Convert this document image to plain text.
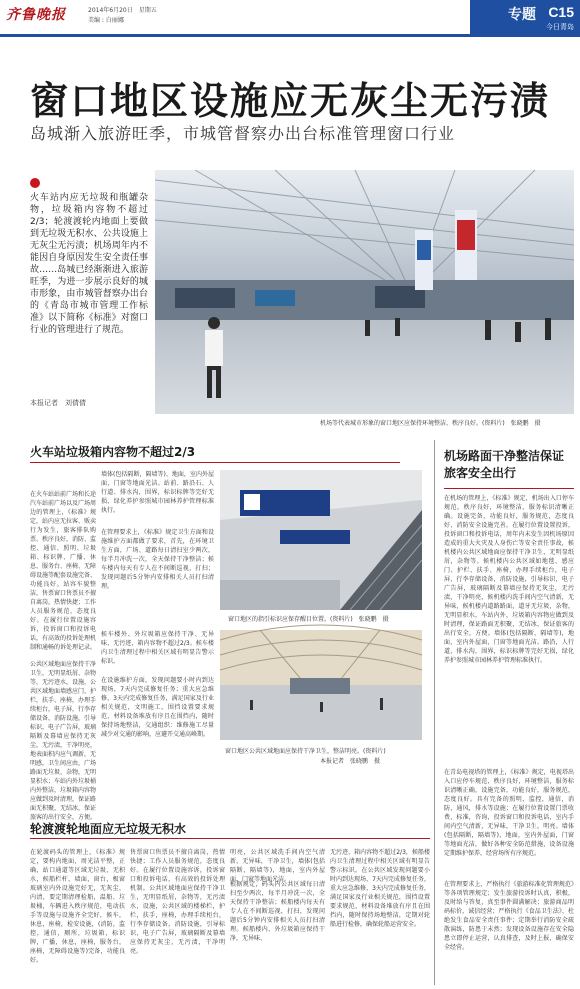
齐鲁晚报	2014年6月20日　星期五
美编 : 白丽娜	专题 C15
今日青岛
窗口地区设施应无灰尘无污渍
岛城渐入旅游旺季，市城管督察办出台标准管理窗口行业
火车站内应无垃圾和瓶罐杂物，垃圾箱内容物不超过2/3；轮渡渡轮内地面上要做到无垃圾无积水、公共设施上无灰尘无污渍；机场周年内不能因自身原因发生安全责任事故……岛城已经渐渐进入旅游旺季，为进一步展示良好的城市形象，由市城管督察办出台的《青岛市城市管理工作标准》以下简称《标准》对窗口行业的管理进行了规范。
本报记者　刘倩倩
机场等代表城市形象的窗口地区应保持环境整洁、秩序良好。(资料片)　张晓鹏　摄
火车站垃圾箱内容物不超过2/3
在火车站站前广场和长途汽车站前广场以及广场周边的管理上，《标准》规定，站内应无拉客、贩卖行为发生，旅客排队购票、秩序良好，消防、监控、通信、照明、垃圾箱、标识牌、广播、休息、服务台、座椅、无障碍设施等配套设施完备、功能良好。站容车貌整洁，售票窗口售票员不擅自离岗，热情快捷；工作人员服务规范，态度良好。在履行位置设施容诉，投诉窗口和投诉电话，有高效的投诉处理机制和通畅的诉处理记录。
公共区域地面应保持干净卫生，无明显纸屑、杂物等，无污迹水，设施，公共区域地面墙感应门、护栏，扶手、座椅，办理手续柜台，电子屏，行李存储设备，消防设施，引导标识，电子广告屏，玻璃隔断及幕墙应保持无灰尘，无污渍，干净明亮，地表面积内应气调新，无明感，卫生间应由，广场路面无垃圾、杂物，无明显积水；车站内外垃圾桶内外整洁，垃圾箱内容物应做到及时清理，保证路面无积聚，无结冰，保证旅客的出行安全，方便。
墙体(包括隔断，隔墙等)、地面，室内外屋面，门窗等地面光洁。站前、路沿石、人行道、排水沟，围界，标识标牌等完好无损，绿化养护参照城市园林养护管理标准执行。
在管理要求上，《标准》规定卫生方面和设施维护方面都做了要求，首先，在环境卫生方面，广场、道路每日清扫室少两次，每半月冲洗一次，全天保持干净整洁；候车楼内每天有专人在不间断巡视，打扫；发现问题后5分钟内安排相关人员打扫清理。
候车楼外、外垃圾箱应保持干净、无异味、无污迹，箱内容物不超过2/3。候车楼内卫生清理过程中相关区域有明显告警示标识。
在设施维护方面，发现问题要小时内到达现场，7天内完成修复任务；重大应急维修，3天内完成修复任务，满足国家及行业相关规范，文明施工，围挡设置要求规范，材料设备堆放有序且在围挡内，随时保持场地整洁，交通组织：维修施工尽量减少对交通的影响，应避开交通高峰期。
窗口地区的指引标识应保存醒目位置。(资料片)　张晓鹏　摄
窗口地区公共区域地面应保持干净卫生，整洁明亮。(资料片)
本报记者　张晓鹏　摄
轮渡渡轮地面应无垃圾无积水
在轮渡码头的管理上，《标准》规定，要构内地面，周光洁平整，正确，站口通道等区域无垃圾，无积水，候船栏杆，墙面，窗台，极窗玻璃室内外设施完好无，无灰尘，内清，要定期清理检船，温船、垃圾桶，车辆进入秩序规范，电动扶手等设施与设施齐全完好，候车，休息，座椅，检安设施，(消防，监控，通信，厕所，垃圾箱，标识牌，广播，休息，座椅，服务台，座椅，无障碍设施等)完备，功能良好。
售票窗口售票员不擅自离岗，热情快捷；工作人员服务规范，态度良好。在履行位置设施容诉，投诉窗口和投诉电话，有高效的投诉处理机制。公共区域地面应保持干净卫生，无明显纸屑，杂物等，无污渍水，设施，公共区域的楼梯栏，护栏，扶手，座椅，办理手续柜台，行李存储设备，消防设施，引导标识，电子广告屏，玻璃隔断及幕墙应保持无灰尘，无污渍，干净明亮。
明亮，公共区域洗手间内空气清新，无异味，干净卫生，墙体(包括隔断，隔墙等)，地面，室内外屋面，门窗等地面光洁。
根据规定，码头内公共区域每日清扫至少两次，每半月冲洗一次，全天保持干净整洁；候船楼内每天有专人在不间断巡视，打扫，发现问题后5分钟内安排相关人员打扫清理。候船楼内、外垃圾箱应保持干净，无异味、
无污迹，箱内容物不超过2/3，候船楼内卫生清理过程中相关区域有明显告警示标识。在公共区域发现问题要小时内到达现场，7天内完成修复任务，重大应急维修，3天内完成修复任务，满足国家及行业相关规范，围挡设置要求规范，材料设备堆放有序且在围挡内，随时保持场地整洁，定期对轮船进行检修，确保轮船运营安全。
机场路面干净整洁保证旅客安全出行
在机场的管理上，《标准》规定，机场出入口停车规范，秩序良好，环境整洁，服务标识清晰正确。设施完备，功能良好，服务规范，态度良好，消防安全设施完善，在履行位置设置投诉，投诉窗口和投诉电话，周年内未发生因机场原因造成的重大火灾及人身伤亡等安全责任事故，候机楼内公共区域地面应保持干净卫生，无明显纸屑，杂物等。候机楼内公共区域如地毯、感应门、护栏、扶手、座椅，办理手续柜台，电子屏，行李存储设备，消防设施，引导标识，电子广告屏，玻璃隔断及幕墙应保持无灰尘，无污渍，干净明亮，候机楼内洗手间内空气清新，无异味，候机楼内道路路面，道牙无垃圾，杂物，无明显积水，车站内外，垃圾箱内容物应做到及时清理，保证路面无积聚，无结冰，保证旅客的出行安全，方便。墙体(包括隔断，隔墙等)，地面，室内外屋面，门窗等地面光洁。路沿，人行道，排水沟，围界，标识标牌等完好无损，绿化养护参照城市园林养护管理标准执行。
在青岛电视塔的管理上，《标准》规定，电视塔出入口应停车规范，秩序良好，环境整洁，服务标识清晰正确，设施完备，功能良好，服务规范，态度良好。具有完备的照明，监控，通信，消防，通风，排水等设施；在履行位置设置门票收费，标准，咨询，投诉窗口和投诉电话，室内手间内空气清新，无异味，干净卫生，明亮。墙体(包括隔断，隔墙等)，地面，室内外屋面，门窗等地面光洁，做好各种安全防范措施，设备设施定期维护保养，经营场所有序规范。
在管理要求上，严格执行《旅游标准化管理规范》等各项管理规定；发生旅游投诉时认真，积极，及时给与答复，真至事件圆满解决；旅游商品明码标价，诚信经营；严格执行《食品卫生法》，杜绝发生食品安全责任事件；定期举行消防安全疏散演练，防患于未然；发现设备设施存在安全隐患立即停止运营，认真排查，及时上报，确保安全经营。
